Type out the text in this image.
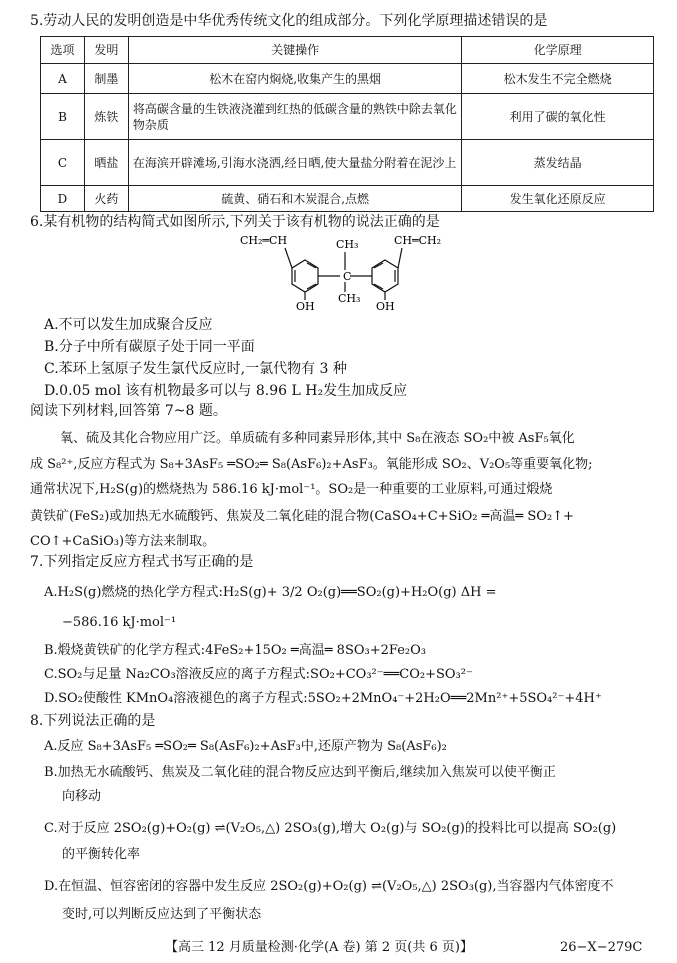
5.劳动人民的发明创造是中华优秀传统文化的组成部分。下列化学原理描述错误的是
选项	发明	关键操作	化学原理
A	制墨	松木在窑内焖烧,收集产生的黑烟	松木发生不完全燃烧
B	炼铁	将高碳含量的生铁液浇灌到红热的低碳含量的熟铁中除去氧化物杂质	利用了碳的氧化性
C	晒盐	在海滨开辟滩场,引海水浇洒,经日晒,使大量盐分附着在泥沙上	蒸发结晶
D	火药	硫黄、硝石和木炭混合,点燃	发生氧化还原反应
6.某有机物的结构简式如图所示,下列关于该有机物的说法正确的是
C
CH₂═CH	CH═CH₂
CH₃
CH₃
OH	OH
A.不可以发生加成聚合反应
B.分子中所有碳原子处于同一平面
C.苯环上氢原子发生氯代反应时,一氯代物有 3 种
D.0.05 mol 该有机物最多可以与 8.96 L H₂发生加成反应
阅读下列材料,回答第 7~8 题。
氧、硫及其化合物应用广泛。单质硫有多种同素异形体,其中 S₈在液态 SO₂中被 AsF₅氧化
成 S₈²⁺,反应方程式为 S₈+3AsF₅ ═SO₂═ S₈(AsF₆)₂+AsF₃。氧能形成 SO₂、V₂O₅等重要氧化物;
通常状况下,H₂S(g)的燃烧热为 586.16 kJ·mol⁻¹。SO₂是一种重要的工业原料,可通过煅烧
黄铁矿(FeS₂)或加热无水硫酸钙、焦炭及二氧化硅的混合物(CaSO₄+C+SiO₂ ═高温═ SO₂↑+
CO↑+CaSiO₃)等方法来制取。
7.下列指定反应方程式书写正确的是
A.H₂S(g)燃烧的热化学方程式:H₂S(g)+ 3/2 O₂(g)══SO₂(g)+H₂O(g) ΔH =
−586.16 kJ·mol⁻¹
B.煅烧黄铁矿的化学方程式:4FeS₂+15O₂ ═高温═ 8SO₃+2Fe₂O₃
C.SO₂与足量 Na₂CO₃溶液反应的离子方程式:SO₂+CO₃²⁻══CO₂+SO₃²⁻
D.SO₂使酸性 KMnO₄溶液褪色的离子方程式:5SO₂+2MnO₄⁻+2H₂O══2Mn²⁺+5SO₄²⁻+4H⁺
8.下列说法正确的是
A.反应 S₈+3AsF₅ ═SO₂═ S₈(AsF₆)₂+AsF₃中,还原产物为 S₈(AsF₆)₂
B.加热无水硫酸钙、焦炭及二氧化硅的混合物反应达到平衡后,继续加入焦炭可以使平衡正
向移动
C.对于反应 2SO₂(g)+O₂(g) ⇌(V₂O₅,△) 2SO₃(g),增大 O₂(g)与 SO₂(g)的投料比可以提高 SO₂(g)
的平衡转化率
D.在恒温、恒容密闭的容器中发生反应 2SO₂(g)+O₂(g) ⇌(V₂O₅,△) 2SO₃(g),当容器内气体密度不
变时,可以判断反应达到了平衡状态
【高三 12 月质量检测·化学(A 卷) 第 2 页(共 6 页)】	26−X−279C
